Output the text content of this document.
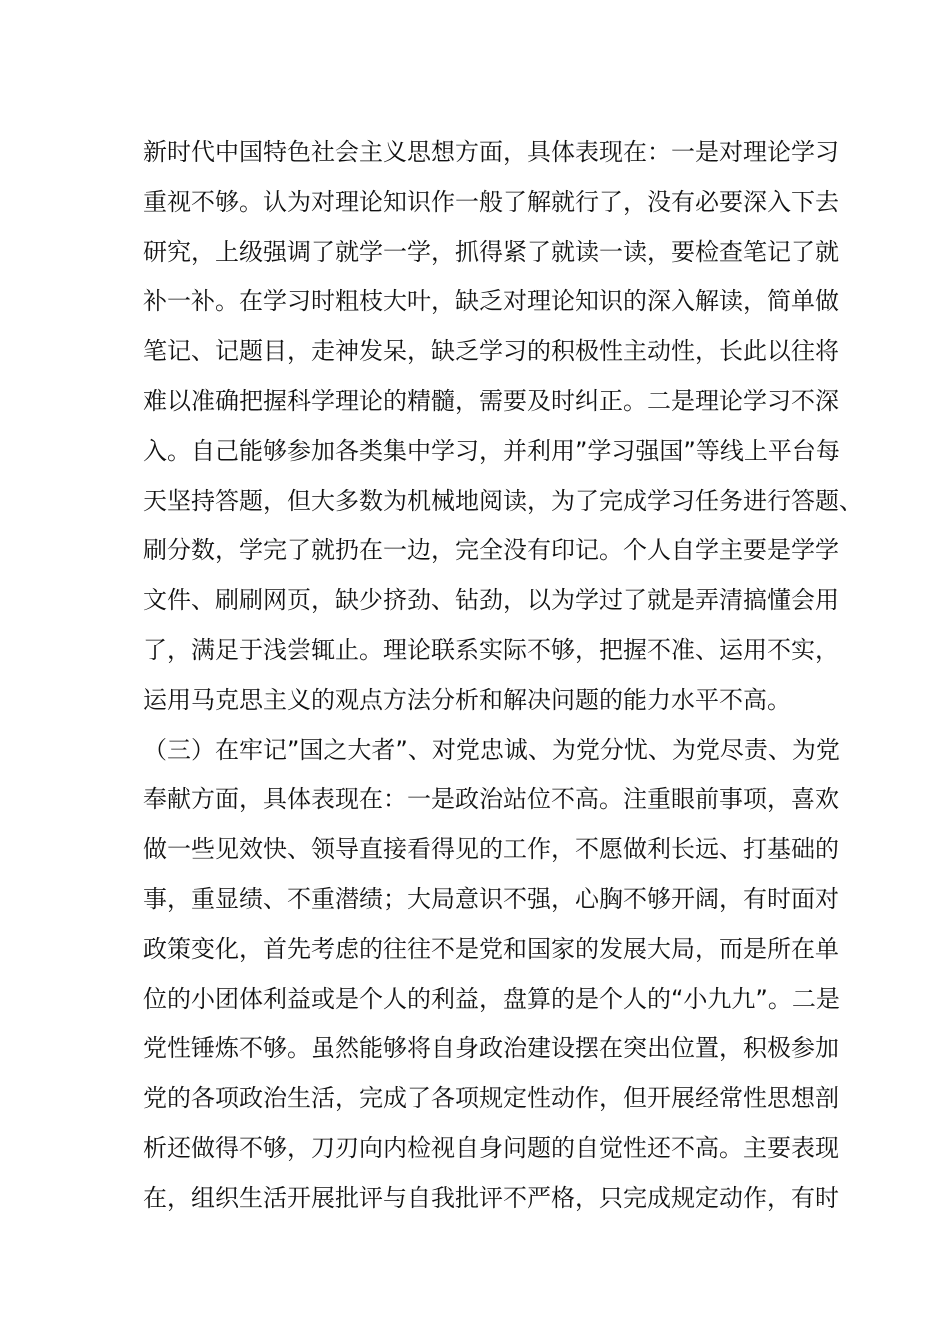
新时代中国特色社会主义思想方面，具体表现在：一是对理论学习
重视不够。认为对理论知识作一般了解就行了，没有必要深入下去
研究，上级强调了就学一学，抓得紧了就读一读，要检查笔记了就
补一补。在学习时粗枝大叶，缺乏对理论知识的深入解读，简单做
笔记、记题目，走神发呆，缺乏学习的积极性主动性，长此以往将
难以准确把握科学理论的精髓，需要及时纠正。二是理论学习不深
入。自己能够参加各类集中学习，并利用”学习强国”等线上平台每
天坚持答题，但大多数为机械地阅读，为了完成学习任务进行答题、
刷分数，学完了就扔在一边，完全没有印记。个人自学主要是学学
文件、刷刷网页，缺少挤劲、钻劲，以为学过了就是弄清搞懂会用
了，满足于浅尝辄止。理论联系实际不够，把握不准、运用不实，
运用马克思主义的观点方法分析和解决问题的能力水平不高。
（三）在牢记”国之大者”、对党忠诚、为党分忧、为党尽责、为党
奉献方面，具体表现在：一是政治站位不高。注重眼前事项，喜欢
做一些见效快、领导直接看得见的工作，不愿做利长远、打基础的
事，重显绩、不重潜绩；大局意识不强，心胸不够开阔，有时面对
政策变化，首先考虑的往往不是党和国家的发展大局，而是所在单
位的小团体利益或是个人的利益，盘算的是个人的“小九九”。二是
党性锤炼不够。虽然能够将自身政治建设摆在突出位置，积极参加
党的各项政治生活，完成了各项规定性动作，但开展经常性思想剖
析还做得不够，刀刃向内检视自身问题的自觉性还不高。主要表现
在，组织生活开展批评与自我批评不严格，只完成规定动作，有时
